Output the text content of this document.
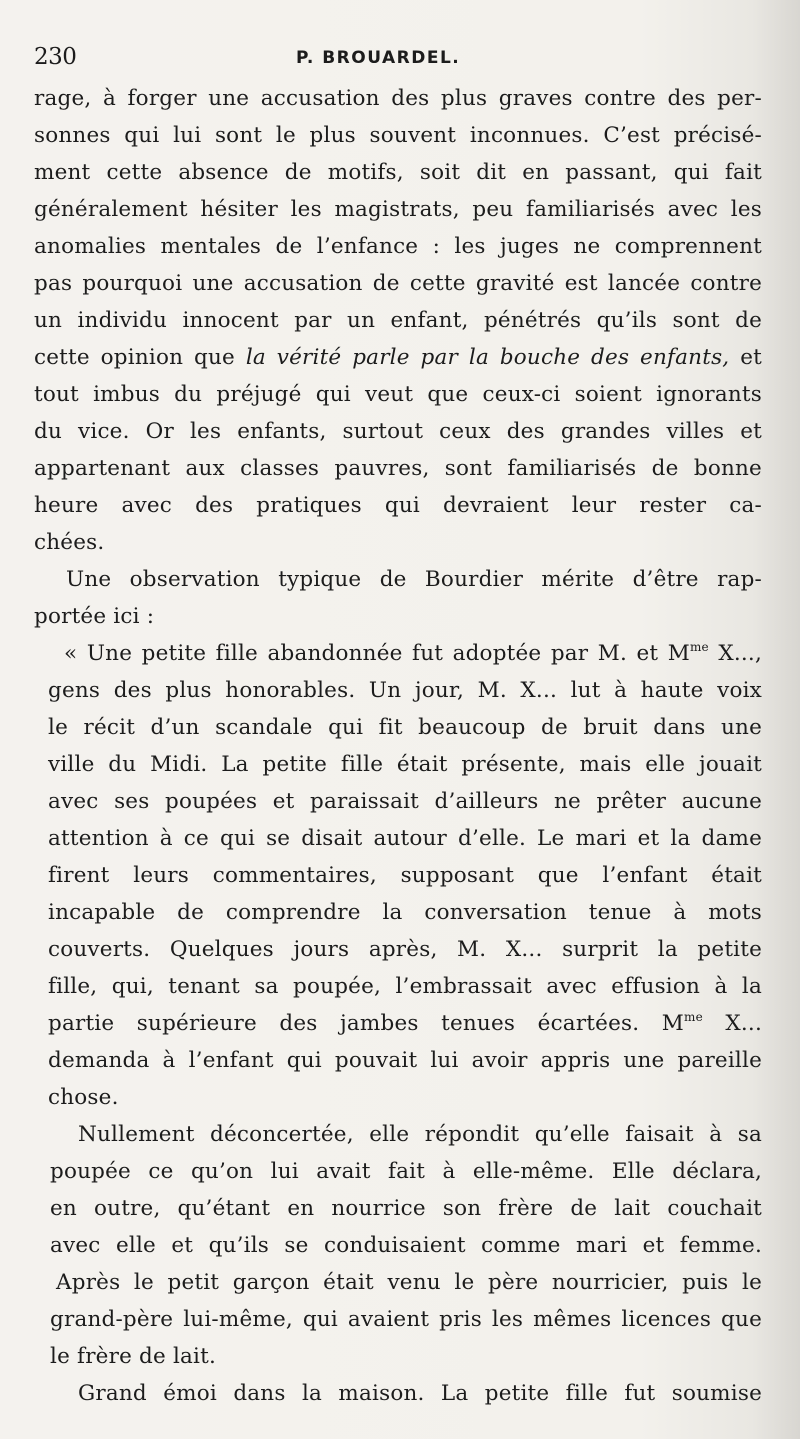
230	P. BROUARDEL.
rage, à forger une accusation des plus graves contre des per-
sonnes qui lui sont le plus souvent inconnues. C’est précisé-
ment cette absence de motifs, soit dit en passant, qui fait
généralement hésiter les magistrats, peu familiarisés avec les
anomalies mentales de l’enfance : les juges ne comprennent
pas pourquoi une accusation de cette gravité est lancée contre
un individu innocent par un enfant, pénétrés qu’ils sont de
cette opinion que la vérité parle par la bouche des enfants, et
tout imbus du préjugé qui veut que ceux-ci soient ignorants
du vice. Or les enfants, surtout ceux des grandes villes et
appartenant aux classes pauvres, sont familiarisés de bonne
heure avec des pratiques qui devraient leur rester ca-
chées.
Une observation typique de Bourdier mérite d’être rap-
portée ici :
« Une petite fille abandonnée fut adoptée par M. et $M^{me}$ X...,
gens des plus honorables. Un jour, M. X... lut à haute voix
le récit d’un scandale qui fit beaucoup de bruit dans une
ville du Midi. La petite fille était présente, mais elle jouait
avec ses poupées et paraissait d’ailleurs ne prêter aucune
attention à ce qui se disait autour d’elle. Le mari et la dame
firent leurs commentaires, supposant que l’enfant était
incapable de comprendre la conversation tenue à mots
couverts. Quelques jours après, M. X... surprit la petite
fille, qui, tenant sa poupée, l’embrassait avec effusion à la
partie supérieure des jambes tenues écartées. $M^{me}$ X...
demanda à l’enfant qui pouvait lui avoir appris une pareille
chose.
Nullement déconcertée, elle répondit qu’elle faisait à sa
poupée ce qu’on lui avait fait à elle-même. Elle déclara,
en outre, qu’étant en nourrice son frère de lait couchait
avec elle et qu’ils se conduisaient comme mari et femme.
Après le petit garçon était venu le père nourricier, puis le
grand-père lui-même, qui avaient pris les mêmes licences que
le frère de lait.
Grand émoi dans la maison. La petite fille fut soumise
